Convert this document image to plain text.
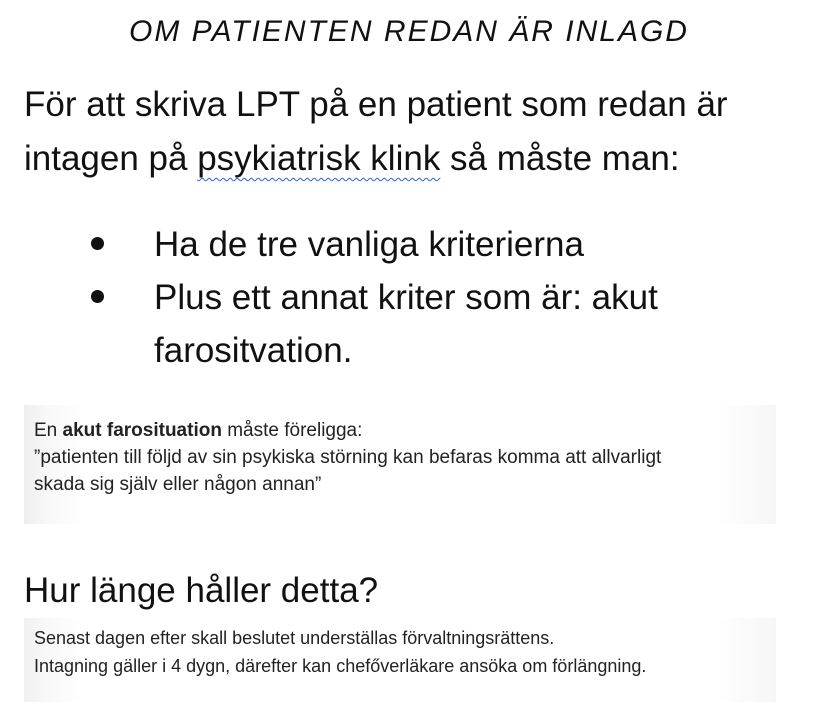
OM PATIENTEN REDAN ÄR INLAGD
För att skriva LPT på en patient som redan är intagen på psykiatrisk klink så måste man:
Ha de tre vanliga kriterierna
Plus ett annat kriter som är: akut farositvation.
En akut farosituation måste föreligga:
”patienten till följd av sin psykiska störning kan befaras komma att allvarligt
skada sig själv eller någon annan”
Hur länge håller detta?
Senast dagen efter skall beslutet underställas förvaltningsrättens.
Intagning gäller i 4 dygn, därefter kan chefőverläkare ansöka om förlängning.
